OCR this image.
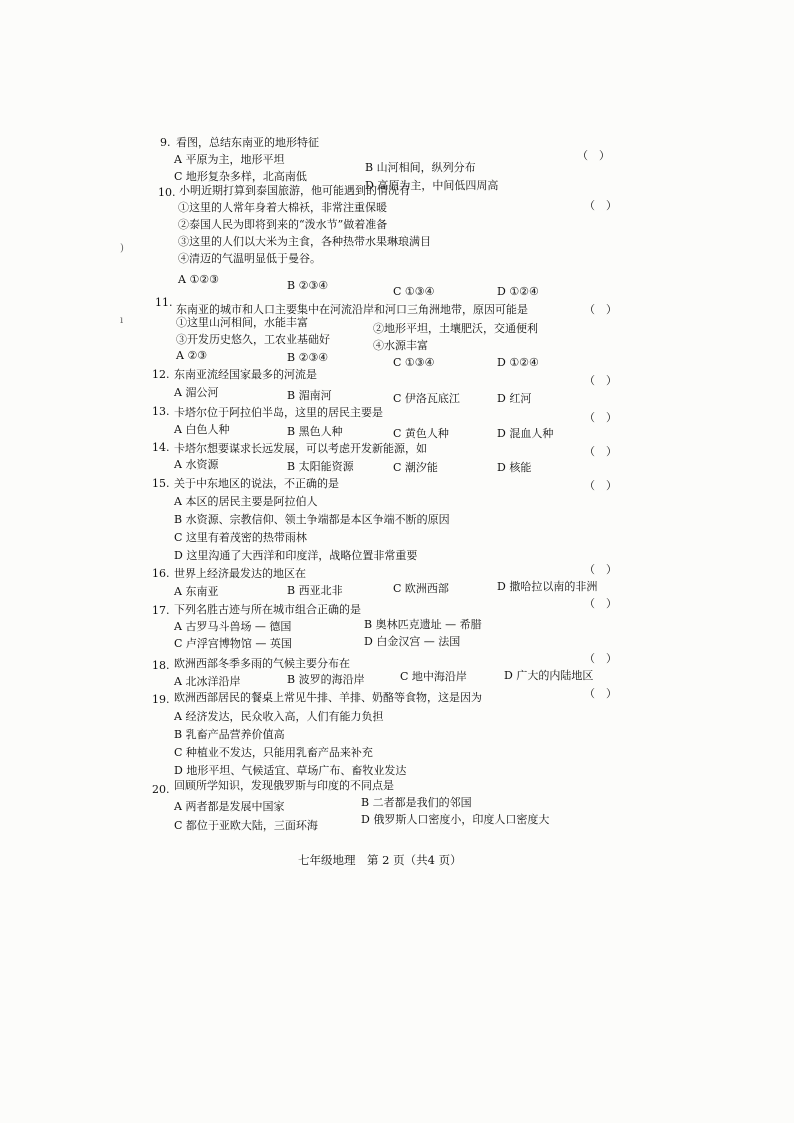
)
ı
9. 看图，总结东南亚的地形特征
（　）
A 平原为主，地形平坦
B 山河相间，纵列分布
C 地形复杂多样，北高南低
D 高原为主，中间低四周高
10. 小明近期打算到泰国旅游，他可能遇到的情况有
（　）
①这里的人常年身着大棉袄，非常注重保暖
②泰国人民为即将到来的“泼水节”做着准备
③这里的人们以大米为主食，各种热带水果琳琅满目
④清迈的气温明显低于曼谷。
A ①②③	B ②③④	C ①③④	D ①②④
11.
东南亚的城市和人口主要集中在河流沿岸和河口三角洲地带，原因可能是	（　）
①这里山河相间，水能丰富	②地形平坦，土壤肥沃，交通便利
③开发历史悠久，工农业基础好	④水源丰富
A ②③	B ②③④	C ①③④	D ①②④
12. 东南亚流经国家最多的河流是	（　）
A 湄公河	B 湄南河	C 伊洛瓦底江	D 红河
13. 卡塔尔位于阿拉伯半岛，这里的居民主要是	（　）
A 白色人种	B 黑色人种	C 黄色人种	D 混血人种
14. 卡塔尔想要谋求长远发展，可以考虑开发新能源，如	（　）
A 水资源	B 太阳能资源	C 潮汐能	D 核能
15. 关于中东地区的说法，不正确的是	（　）
A 本区的居民主要是阿拉伯人
B 水资源、宗教信仰、领土争端都是本区争端不断的原因
C 这里有着茂密的热带雨林
D 这里沟通了大西洋和印度洋，战略位置非常重要
16. 世界上经济最发达的地区在	（　）
A 东南亚	B 西亚北非	C 欧洲西部	D 撒哈拉以南的非洲
17. 下列名胜古迹与所在城市组合正确的是	（　）
A 古罗马斗兽场 — 德国	B 奥林匹克遗址 — 希腊
C 卢浮宫博物馆 — 英国	D 白金汉宫 — 法国
18. 欧洲西部冬季多雨的气候主要分布在	（　）
A 北冰洋沿岸	B 波罗的海沿岸	C 地中海沿岸	D 广大的内陆地区
19. 欧洲西部居民的餐桌上常见牛排、羊排、奶酪等食物，这是因为	（　）
A 经济发达，民众收入高，人们有能力负担
B 乳畜产品营养价值高
C 种植业不发达，只能用乳畜产品来补充
D 地形平坦、气候适宜、草场广布、畜牧业发达
20. 回顾所学知识，发现俄罗斯与印度的不同点是
A 两者都是发展中国家	B 二者都是我们的邻国
C 都位于亚欧大陆，三面环海	D 俄罗斯人口密度小，印度人口密度大
七年级地理　第 2 页（共4 页）
